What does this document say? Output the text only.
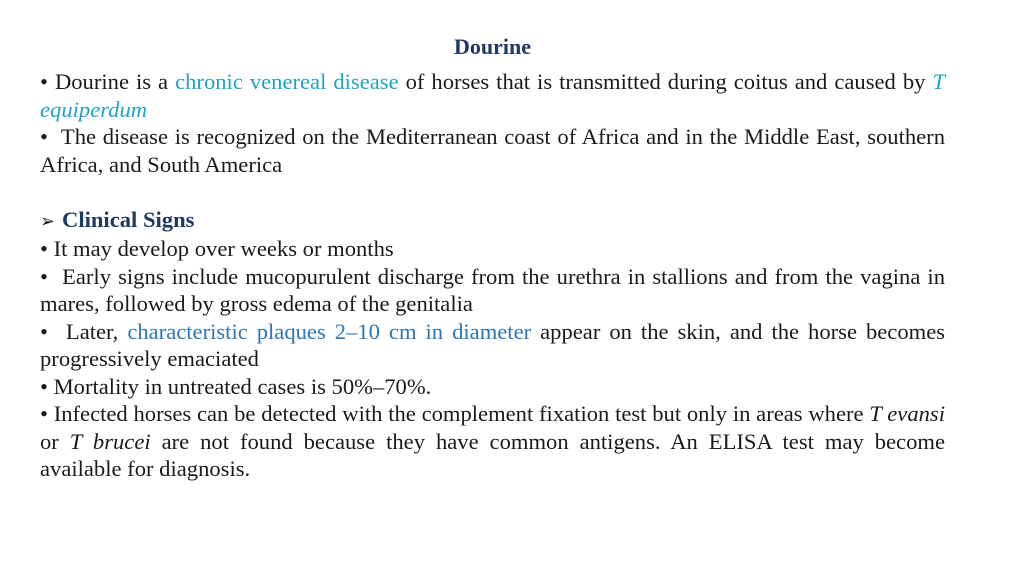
Dourine

• Dourine is a chronic venereal disease of horses that is transmitted during coitus and caused by T equiperdum

• The disease is recognized on the Mediterranean coast of Africa and in the Middle East, southern Africa, and South America

➢ Clinical Signs

• It may develop over weeks or months

• Early signs include mucopurulent discharge from the urethra in stallions and from the vagina in mares, followed by gross edema of the genitalia

• Later, characteristic plaques 2–10 cm in diameter appear on the skin, and the horse becomes progressively emaciated

• Mortality in untreated cases is 50%–70%.

• Infected horses can be detected with the complement fixation test but only in areas where T evansi or T brucei are not found because they have common antigens. An ELISA test may become available for diagnosis.
